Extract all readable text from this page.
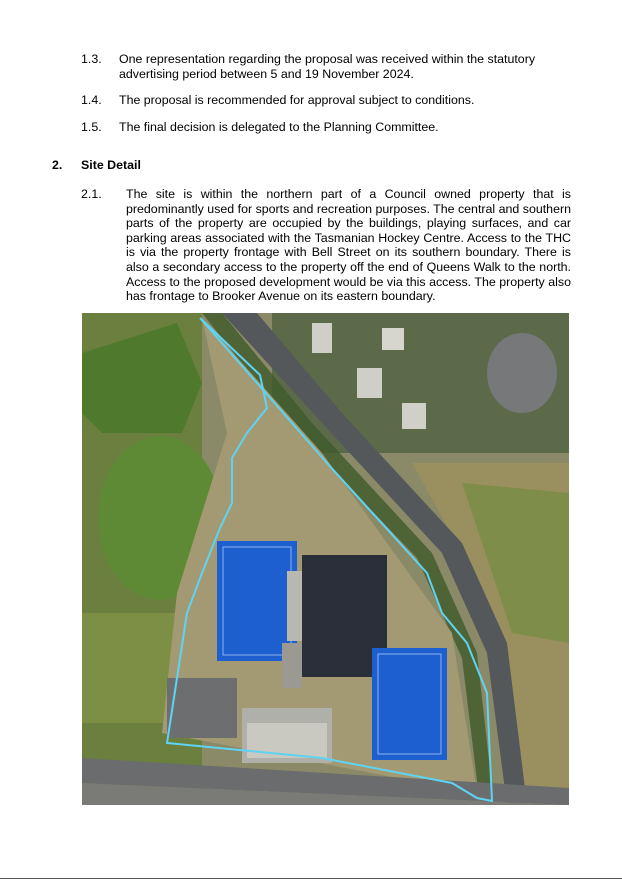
1.3. One representation regarding the proposal was received within the statutory advertising period between 5 and 19 November 2024.
1.4. The proposal is recommended for approval subject to conditions.
1.5. The final decision is delegated to the Planning Committee.
2. Site Detail
2.1. The site is within the northern part of a Council owned property that is predominantly used for sports and recreation purposes. The central and southern parts of the property are occupied by the buildings, playing surfaces, and car parking areas associated with the Tasmanian Hockey Centre. Access to the THC is via the property frontage with Bell Street on its southern boundary. There is also a secondary access to the property off the end of Queens Walk to the north. Access to the proposed development would be via this access. The property also has frontage to Brooker Avenue on its eastern boundary.
